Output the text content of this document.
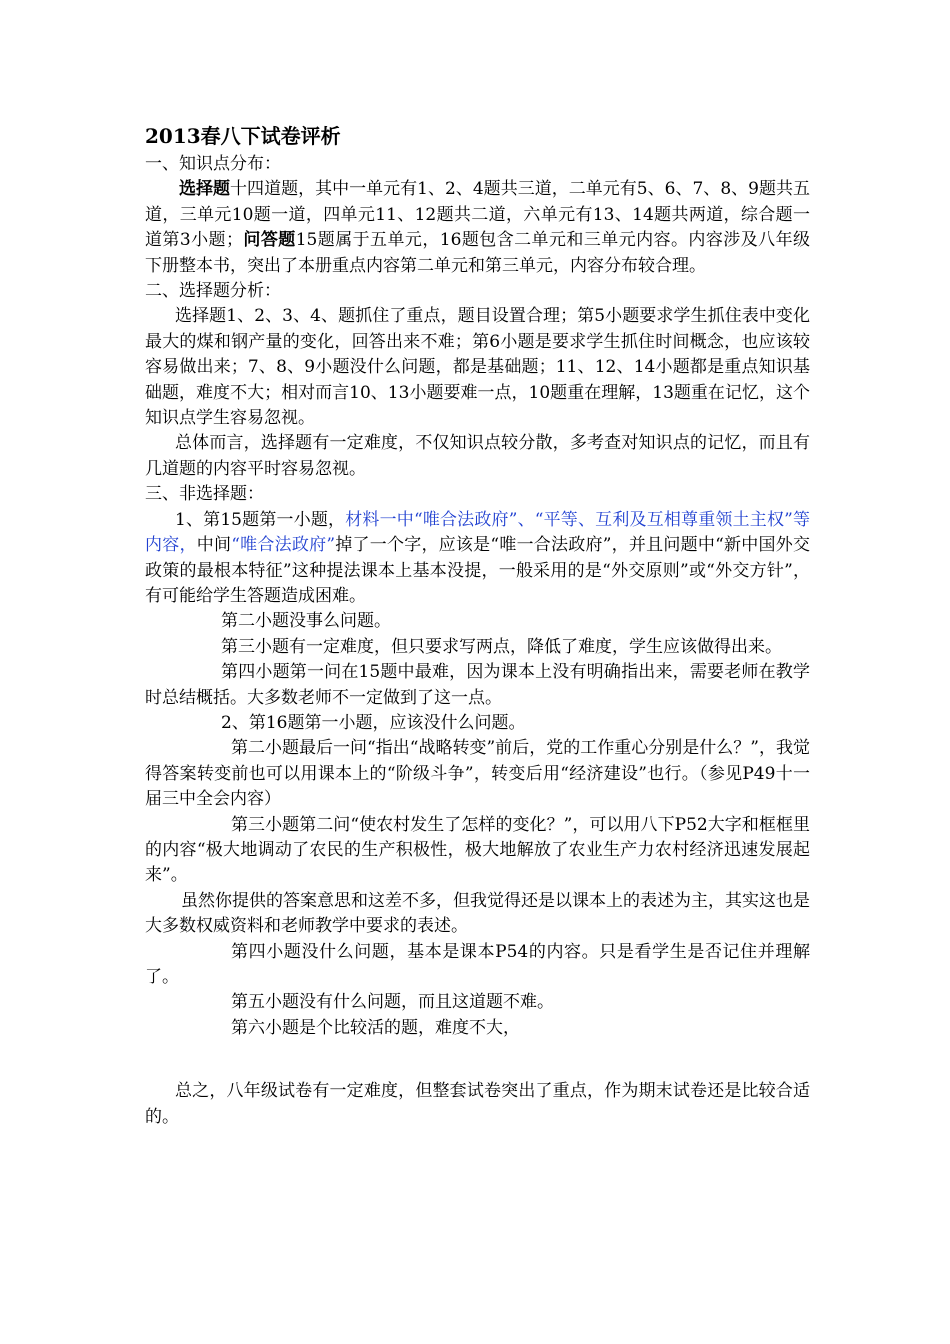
2013春八下试卷评析

一、知识点分布：

选择题十四道题，其中一单元有1、2、4题共三道，二单元有5、6、7、8、9题共五道，三单元10题一道，四单元11、12题共二道，六单元有13、14题共两道，综合题一道第3小题；问答题15题属于五单元，16题包含二单元和三单元内容。内容涉及八年级下册整本书，突出了本册重点内容第二单元和第三单元，内容分布较合理。

二、选择题分析：

选择题1、2、3、4、题抓住了重点，题目设置合理；第5小题要求学生抓住表中变化最大的煤和钢产量的变化，回答出来不难；第6小题是要求学生抓住时间概念，也应该较容易做出来；7、8、9小题没什么问题，都是基础题；11、12、14小题都是重点知识基础题，难度不大；相对而言10、13小题要难一点，10题重在理解，13题重在记忆，这个知识点学生容易忽视。

总体而言，选择题有一定难度，不仅知识点较分散，多考查对知识点的记忆，而且有几道题的内容平时容易忽视。

三、非选择题：

1、第15题第一小题，材料一中“唯合法政府”、“平等、互利及互相尊重领土主权”等内容，中间“唯合法政府”掉了一个字，应该是“唯一合法政府”，并且问题中“新中国外交政策的最根本特征”这种提法课本上基本没提，一般采用的是“外交原则”或“外交方针”，有可能给学生答题造成困难。

第二小题没事么问题。

第三小题有一定难度，但只要求写两点，降低了难度，学生应该做得出来。

第四小题第一问在15题中最难，因为课本上没有明确指出来，需要老师在教学时总结概括。大多数老师不一定做到了这一点。

2、第16题第一小题，应该没什么问题。

第二小题最后一问“指出“战略转变”前后，党的工作重心分别是什么？”，我觉得答案转变前也可以用课本上的“阶级斗争”，转变后用“经济建设”也行。（参见P49十一届三中全会内容）

第三小题第二问“使农村发生了怎样的变化？”，可以用八下P52大字和框框里的内容“极大地调动了农民的生产积极性，极大地解放了农业生产力农村经济迅速发展起来”。

虽然你提供的答案意思和这差不多，但我觉得还是以课本上的表述为主，其实这也是大多数权威资料和老师教学中要求的表述。

第四小题没什么问题，基本是课本P54的内容。只是看学生是否记住并理解了。

第五小题没有什么问题，而且这道题不难。

第六小题是个比较活的题，难度不大，

总之，八年级试卷有一定难度，但整套试卷突出了重点，作为期末试卷还是比较合适的。
